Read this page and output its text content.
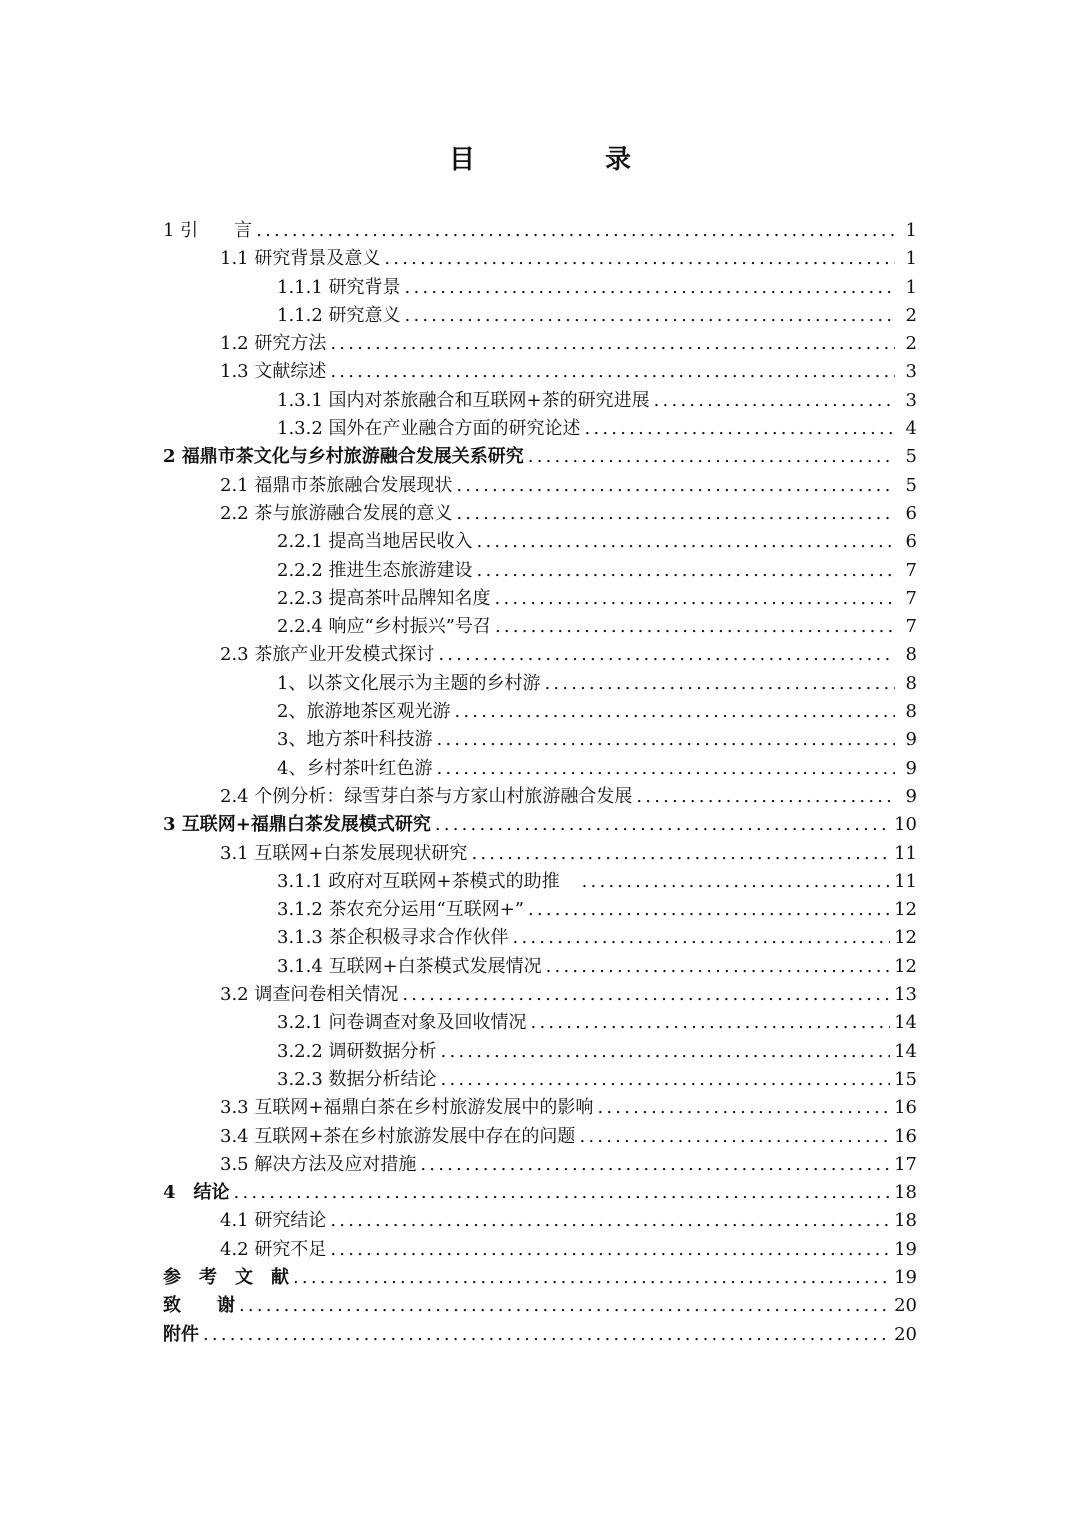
目　录
1 引　　言 .....	1
1.1 研究背景及意义 .....	1
1.1.1 研究背景 .....	1
1.1.2 研究意义 .....	2
1.2 研究方法 .....	2
1.3 文献综述 .....	3
1.3.1 国内对茶旅融合和互联网+茶的研究进展 .....	3
1.3.2 国外在产业融合方面的研究论述 .....	4
2 福鼎市茶文化与乡村旅游融合发展关系研究 .....	5
2.1 福鼎市茶旅融合发展现状 .....	5
2.2 茶与旅游融合发展的意义 .....	6
2.2.1 提高当地居民收入 .....	6
2.2.2 推进生态旅游建设 .....	7
2.2.3 提高茶叶品牌知名度 .....	7
2.2.4 响应“乡村振兴”号召 .....	7
2.3 茶旅产业开发模式探讨 .....	8
1、以茶文化展示为主题的乡村游 .....	8
2、旅游地茶区观光游 .....	8
3、地方茶叶科技游 .....	9
4、乡村茶叶红色游 .....	9
2.4 个例分析：绿雪芽白茶与方家山村旅游融合发展 .....	9
3 互联网+福鼎白茶发展模式研究 .....	10
3.1 互联网+白茶发展现状研究 .....	11
3.1.1 政府对互联网+茶模式的助推　 .....	11
3.1.2 茶农充分运用“互联网+” .....	12
3.1.3 茶企积极寻求合作伙伴 .....	12
3.1.4 互联网+白茶模式发展情况 .....	12
3.2 调查问卷相关情况 .....	13
3.2.1 问卷调查对象及回收情况 .....	14
3.2.2 调研数据分析 .....	14
3.2.3 数据分析结论 .....	15
3.3 互联网+福鼎白茶在乡村旅游发展中的影响 .....	16
3.4 互联网+茶在乡村旅游发展中存在的问题 .....	16
3.5 解决方法及应对措施 .....	17
4　结论 .....	18
4.1 研究结论 .....	18
4.2 研究不足 .....	19
参　考　文　献 .....	19
致　　谢 .....	20
附件 .....	20
